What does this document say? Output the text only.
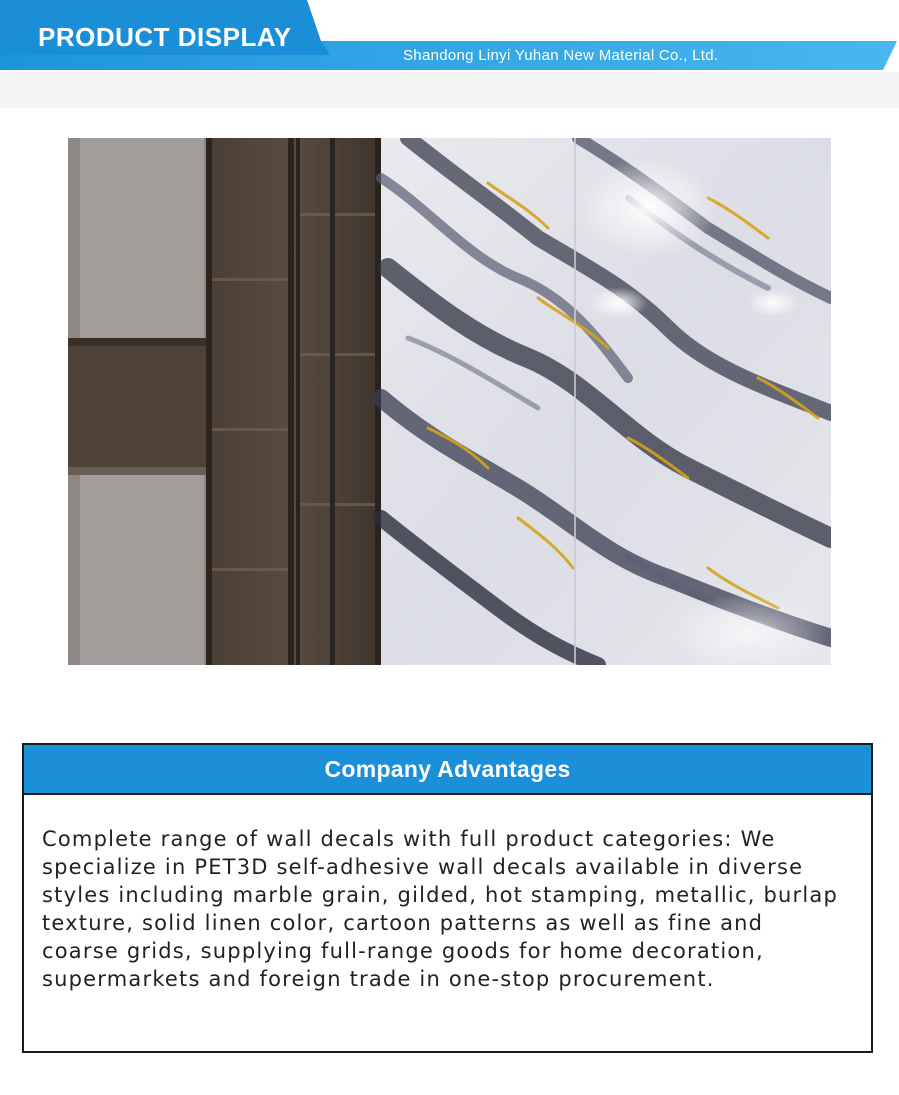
PRODUCT DISPLAY
Shandong Linyi Yuhan New Material Co., Ltd.
Company Advantages
Complete range of wall decals with full product categories: We specialize in PET3D self-adhesive wall decals available in diverse styles including marble grain, gilded, hot stamping, metallic, burlap texture, solid linen color, cartoon patterns as well as fine and coarse grids, supplying full-range goods for home decoration, supermarkets and foreign trade in one-stop procurement.
